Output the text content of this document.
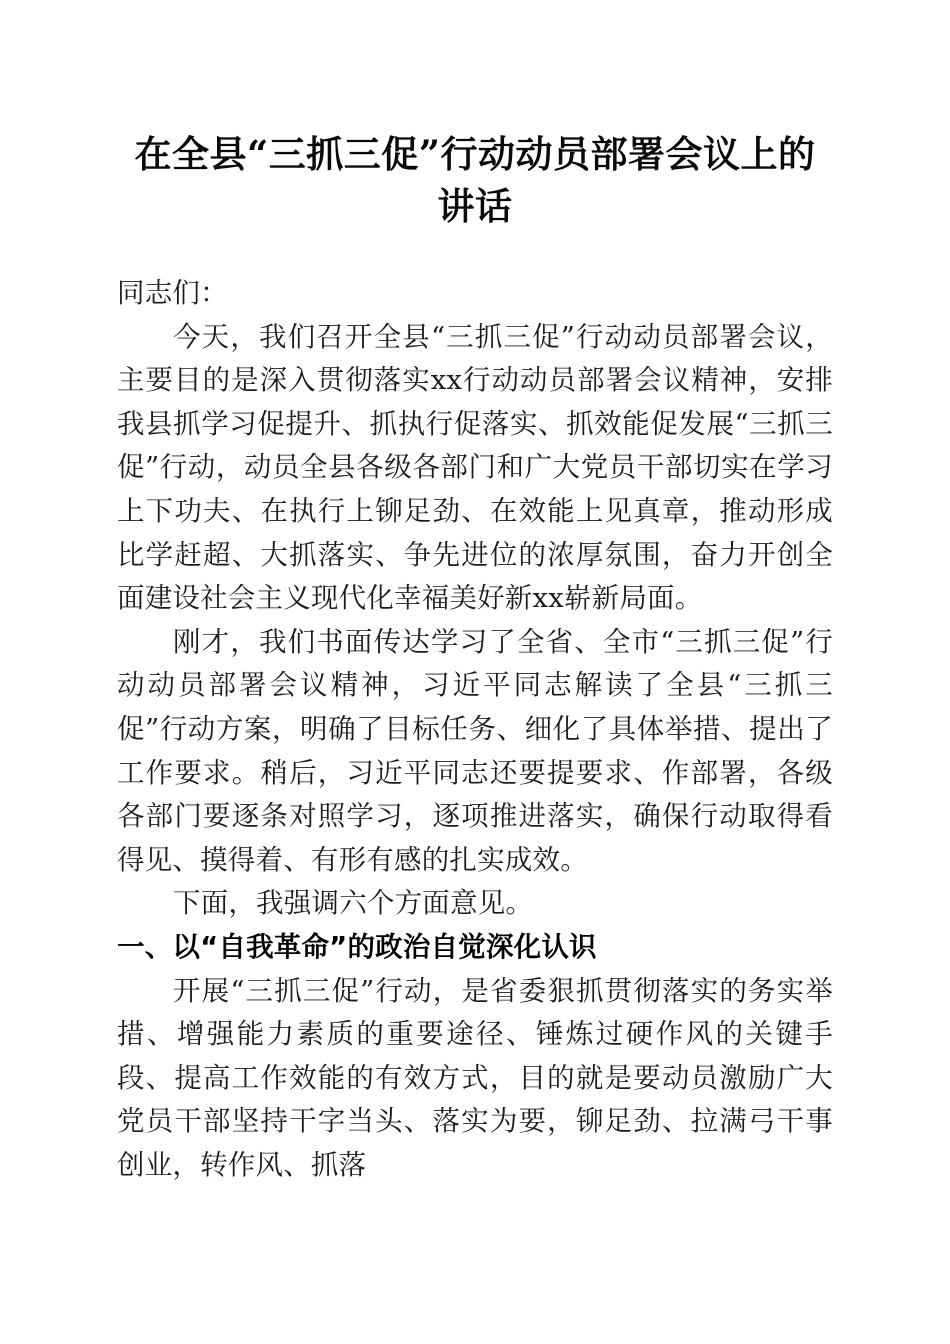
在全县“三抓三促”行动动员部署会议上的讲话

同志们：

今天，我们召开全县“三抓三促”行动动员部署会议，主要目的是深入贯彻落实xx行动动员部署会议精神，安排我县抓学习促提升、抓执行促落实、抓效能促发展“三抓三促”行动，动员全县各级各部门和广大党员干部切实在学习上下功夫、在执行上铆足劲、在效能上见真章，推动形成比学赶超、大抓落实、争先进位的浓厚氛围，奋力开创全面建设社会主义现代化幸福美好新xx崭新局面。

刚才，我们书面传达学习了全省、全市“三抓三促”行动动员部署会议精神，习近平同志解读了全县“三抓三促”行动方案，明确了目标任务、细化了具体举措、提出了工作要求。稍后，习近平同志还要提要求、作部署，各级各部门要逐条对照学习，逐项推进落实，确保行动取得看得见、摸得着、有形有感的扎实成效。

下面，我强调六个方面意见。

一、以“自我革命”的政治自觉深化认识

开展“三抓三促”行动，是省委狠抓贯彻落实的务实举措、增强能力素质的重要途径、锤炼过硬作风的关键手段、提高工作效能的有效方式，目的就是要动员激励广大党员干部坚持干字当头、落实为要，铆足劲、拉满弓干事创业，转作风、抓落
